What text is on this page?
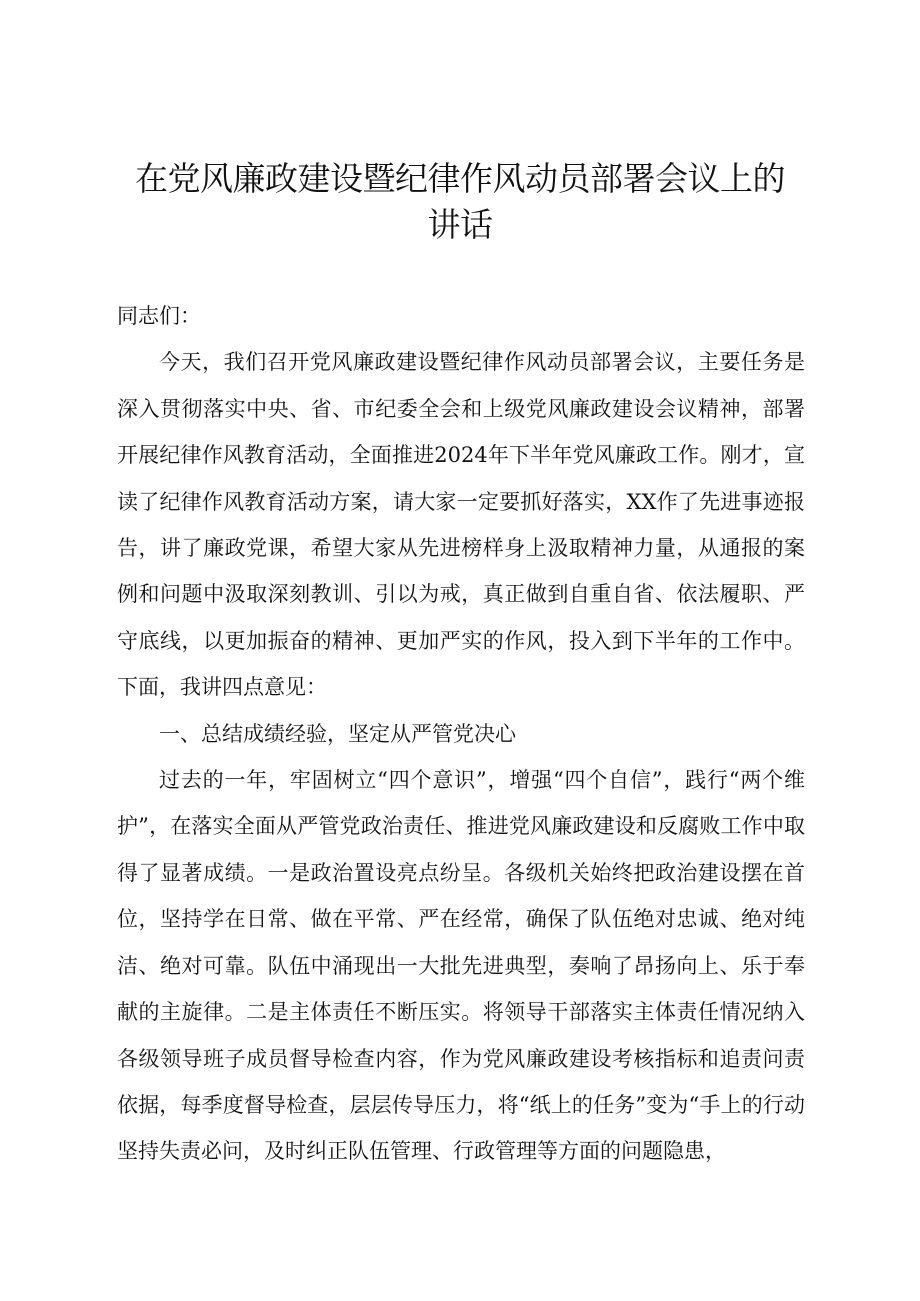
在党风廉政建设暨纪律作风动员部署会议上的讲话

同志们：

今天，我们召开党风廉政建设暨纪律作风动员部署会议，主要任务是深入贯彻落实中央、省、市纪委全会和上级党风廉政建设会议精神，部署开展纪律作风教育活动，全面推进2024年下半年党风廉政工作。刚才，宣读了纪律作风教育活动方案，请大家一定要抓好落实，XX作了先进事迹报告，讲了廉政党课，希望大家从先进榜样身上汲取精神力量，从通报的案例和问题中汲取深刻教训、引以为戒，真正做到自重自省、依法履职、严守底线，以更加振奋的精神、更加严实的作风，投入到下半年的工作中。下面，我讲四点意见：

一、总结成绩经验，坚定从严管党决心

过去的一年，牢固树立“四个意识”，增强“四个自信”，践行“两个维护”，在落实全面从严管党政治责任、推进党风廉政建设和反腐败工作中取得了显著成绩。一是政治置设亮点纷呈。各级机关始终把政治建设摆在首位，坚持学在日常、做在平常、严在经常，确保了队伍绝对忠诚、绝对纯洁、绝对可靠。队伍中涌现出一大批先进典型，奏响了昂扬向上、乐于奉献的主旋律。二是主体责任不断压实。将领导干部落实主体责任情况纳入各级领导班子成员督导检查内容，作为党风廉政建设考核指标和追责问责依据，每季度督导检查，层层传导压力，将“纸上的任务”变为“手上的行动坚持失责必问，及时纠正队伍管理、行政管理等方面的问题隐患，
